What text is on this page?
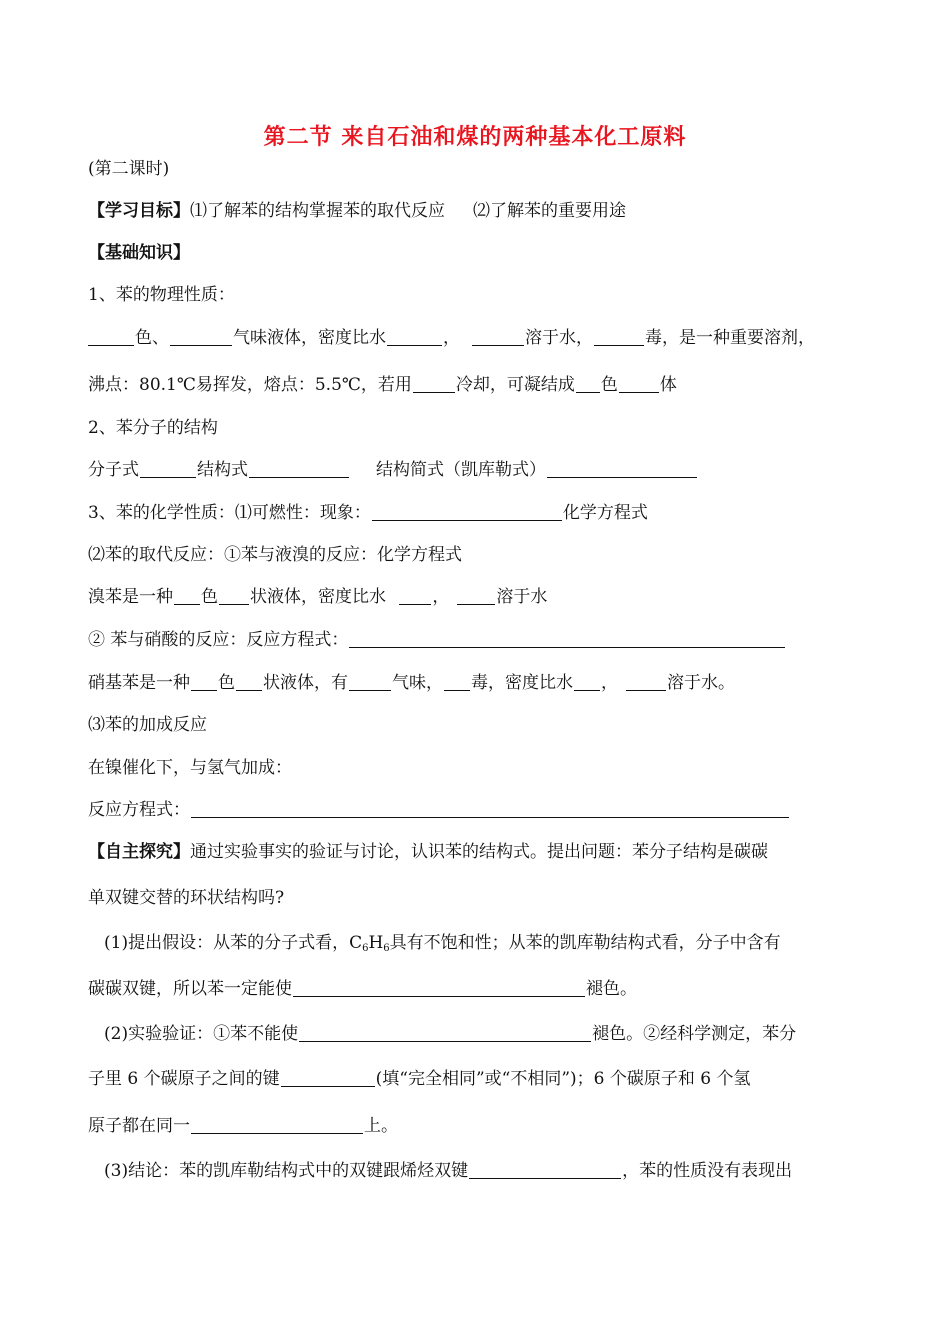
第二节 来自石油和煤的两种基本化工原料
(第二课时)
【学习目标】⑴了解苯的结构掌握苯的取代反应 ⑵了解苯的重要用途
【基础知识】
1、苯的物理性质：
色、	气味液体，密度比水	，	溶于水，	毒，是一种重要溶剂，
沸点：80.1℃易挥发，熔点：5.5℃，若用	冷却，可凝结成 色 体
2、苯分子的结构
分子式	结构式	结构简式（凯库勒式）
3、苯的化学性质：⑴可燃性：现象：	化学方程式
⑵苯的取代反应：①苯与液溴的反应：化学方程式
溴苯是一种 色 状液体，密度比水 ，	溶于水
② 苯与硝酸的反应：反应方程式：
硝基苯是一种 色 状液体，有	气味， 毒，密度比水 ，	溶于水。
⑶苯的加成反应
在镍催化下，与氢气加成：
反应方程式：
【自主探究】通过实验事实的验证与讨论，认识苯的结构式。提出问题：苯分子结构是碳碳
单双键交替的环状结构吗?
(1)提出假设：从苯的分子式看，$C_6H_6$具有不饱和性；从苯的凯库勒结构式看，分子中含有
碳碳双键，所以苯一定能使	褪色。
(2)实验验证：①苯不能使	褪色。②经科学测定，苯分
子里 6 个碳原子之间的键	(填“完全相同”或“不相同”)；6 个碳原子和 6 个氢
原子都在同一	上。
(3)结论：苯的凯库勒结构式中的双键跟烯烃双键	，苯的性质没有表现出
